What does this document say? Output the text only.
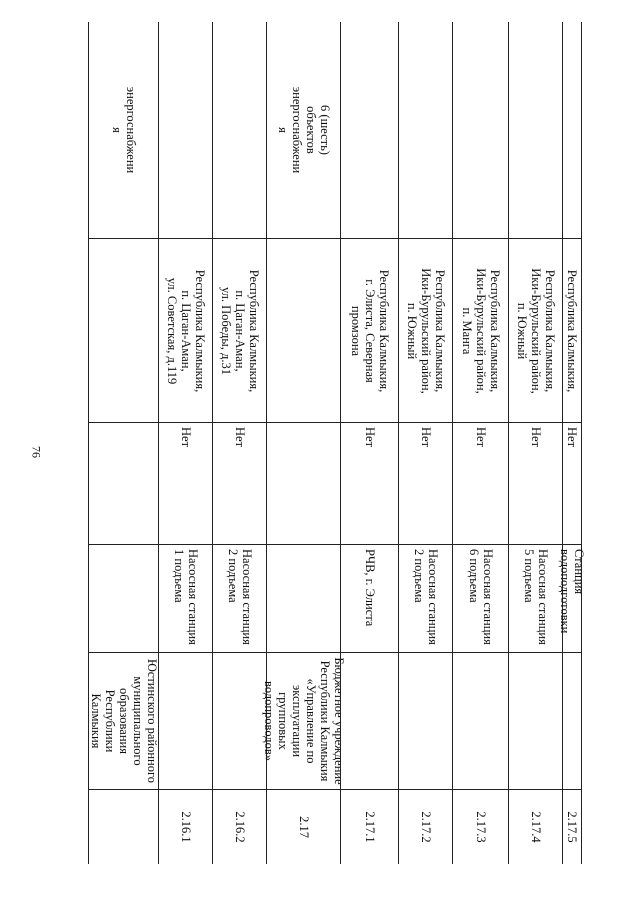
76
энергоснабжени
я
Юстинского районного
муниципального
образования Республики
Калмыкия
Республика Калмыкия,
п. Цаган-Аман,
ул. Советская, д.119
Нет
Насосная станция 1 подъема
2.16.1
Республика Калмыкия,
п. Цаган-Аман,
ул. Победы, д.31
Нет
Насосная станция 2 подъема
2.16.2
6 (шесть)
объектов
энергоснабжени
я
Бюджетное учреждение
Республики Калмыкия
«Управление по
эксплуатации групповых
водопроводов»
2.17
Республика Калмыкия,
г. Элиста, Северная
промзона
Нет
РЧВ, г. Элиста
2.17.1
Республика Калмыкия,
Ики-Бурульский район,
п. Южный
Нет
Насосная станция 2 подъема
2.17.2
Республика Калмыкия,
Ики-Бурульский район,
п. Манга
Нет
Насосная станция 6 подъема
2.17.3
Республика Калмыкия,
Ики-Бурульский район,
п. Южный
Нет
Насосная станция 5 подъема
2.17.4
Республика Калмыкия,
Нет
Станция водоподготовки
2.17.5
